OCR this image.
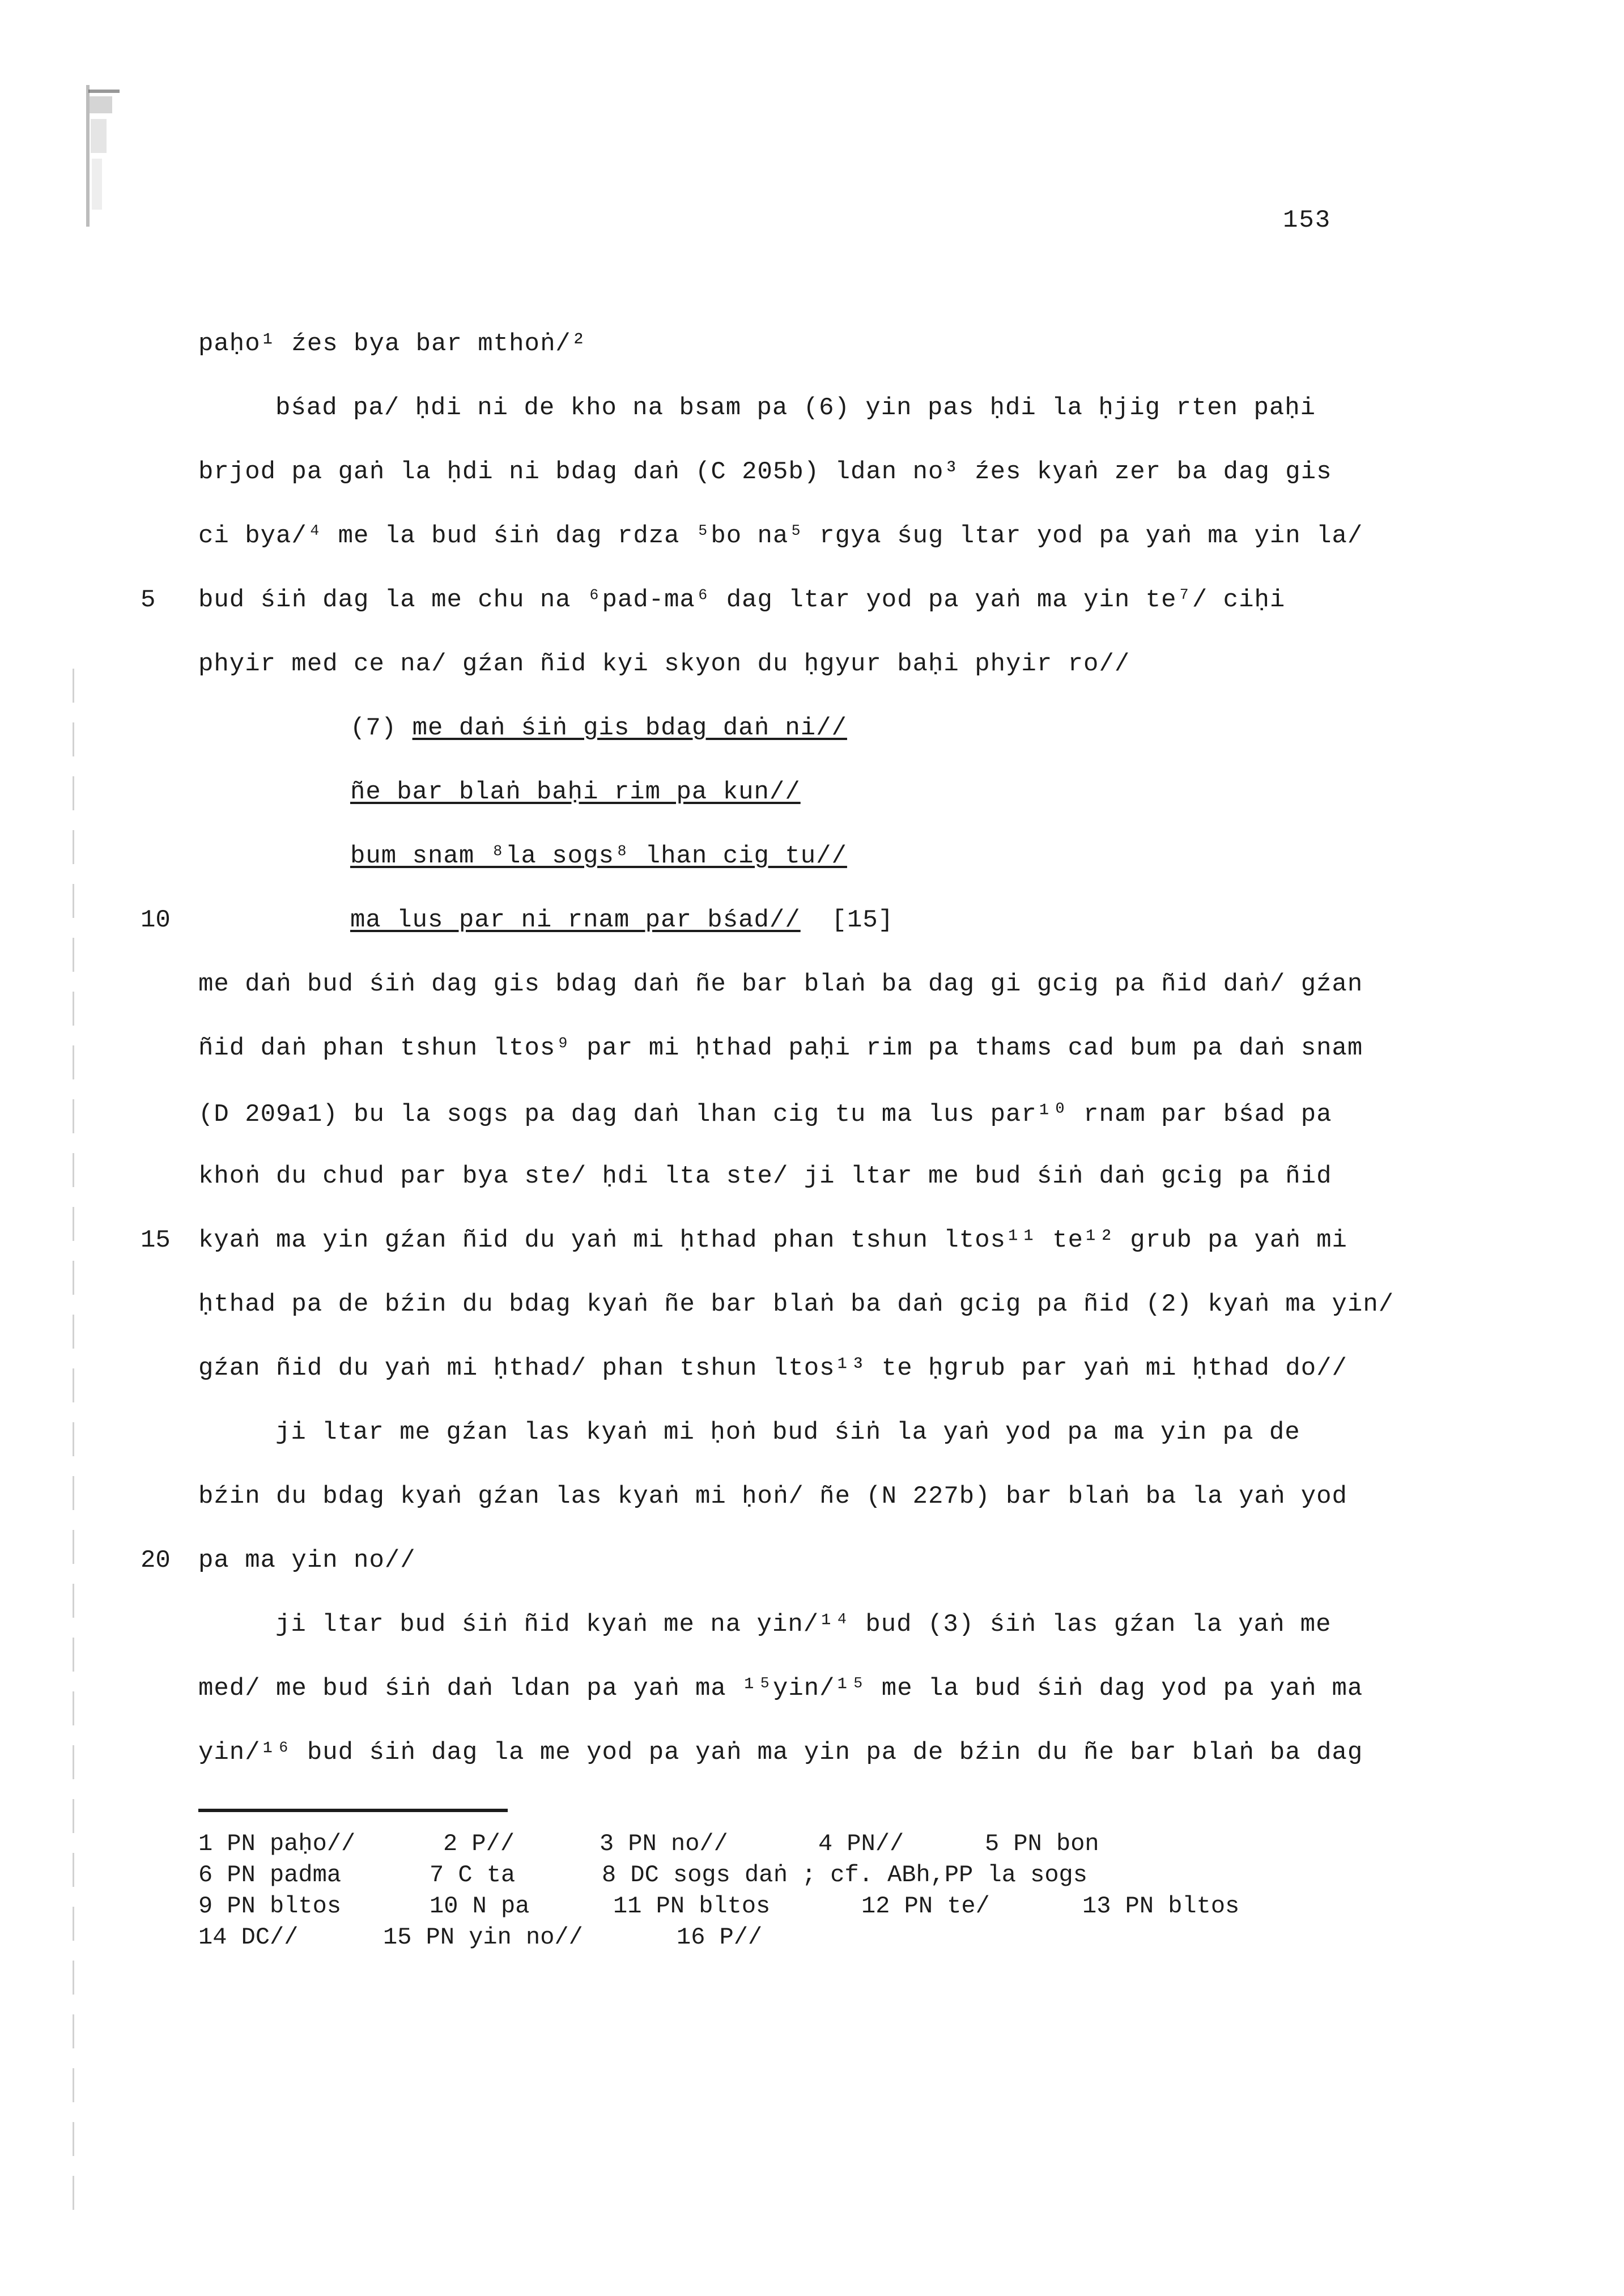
153
paḥo¹ źes bya bar mthoṅ/²
bśad pa/ ḥdi ni de kho na bsam pa (6) yin pas ḥdi la ḥjig rten paḥi
brjod pa gaṅ la ḥdi ni bdag daṅ (C 205b) ldan no³ źes kyaṅ zer ba dag gis
ci bya/⁴ me la bud śiṅ dag rdza ⁵bo na⁵ rgya śug ltar yod pa yaṅ ma yin la/
bud śiṅ dag la me chu na ⁶pad-ma⁶ dag ltar yod pa yaṅ ma yin te⁷/ ciḥi
phyir med ce na/ gźan ñid kyi skyon du ḥgyur baḥi phyir ro//
(7) me daṅ śiṅ gis bdag daṅ ni//
ñe bar blaṅ baḥi rim pa kun//
bum snam ⁸la sogs⁸ lhan cig tu//
ma lus par ni rnam par bśad// [15]
me daṅ bud śiṅ dag gis bdag daṅ ñe bar blaṅ ba dag gi gcig pa ñid daṅ/ gźan
ñid daṅ phan tshun ltos⁹ par mi ḥthad paḥi rim pa thams cad bum pa daṅ snam
(D 209a1) bu la sogs pa dag daṅ lhan cig tu ma lus par¹⁰ rnam par bśad pa
khoṅ du chud par bya ste/ ḥdi lta ste/ ji ltar me bud śiṅ daṅ gcig pa ñid
kyaṅ ma yin gźan ñid du yaṅ mi ḥthad phan tshun ltos¹¹ te¹² grub pa yaṅ mi
ḥthad pa de bźin du bdag kyaṅ ñe bar blaṅ ba daṅ gcig pa ñid (2) kyaṅ ma yin/
gźan ñid du yaṅ mi ḥthad/ phan tshun ltos¹³ te ḥgrub par yaṅ mi ḥthad do//
ji ltar me gźan las kyaṅ mi ḥoṅ bud śiṅ la yaṅ yod pa ma yin pa de
bźin du bdag kyaṅ gźan las kyaṅ mi ḥoṅ/ ñe (N 227b) bar blaṅ ba la yaṅ yod
pa ma yin no//
ji ltar bud śiṅ ñid kyaṅ me na yin/¹⁴ bud (3) śiṅ las gźan la yaṅ me
med/ me bud śiṅ daṅ ldan pa yaṅ ma ¹⁵yin/¹⁵ me la bud śiṅ dag yod pa yaṅ ma
yin/¹⁶ bud śiṅ dag la me yod pa yaṅ ma yin pa de bźin du ñe bar blaṅ ba dag
5
10
15
20
1 PN paḥo//	2 P//	3 PN no//	4 PN//	5 PN bon
6 PN padma	7 C ta	8 DC sogs daṅ ; cf. ABh,PP la sogs
9 PN bltos	10 N pa	11 PN bltos	12 PN te/	13 PN bltos
14 DC//	15 PN yin no//	16 P//
